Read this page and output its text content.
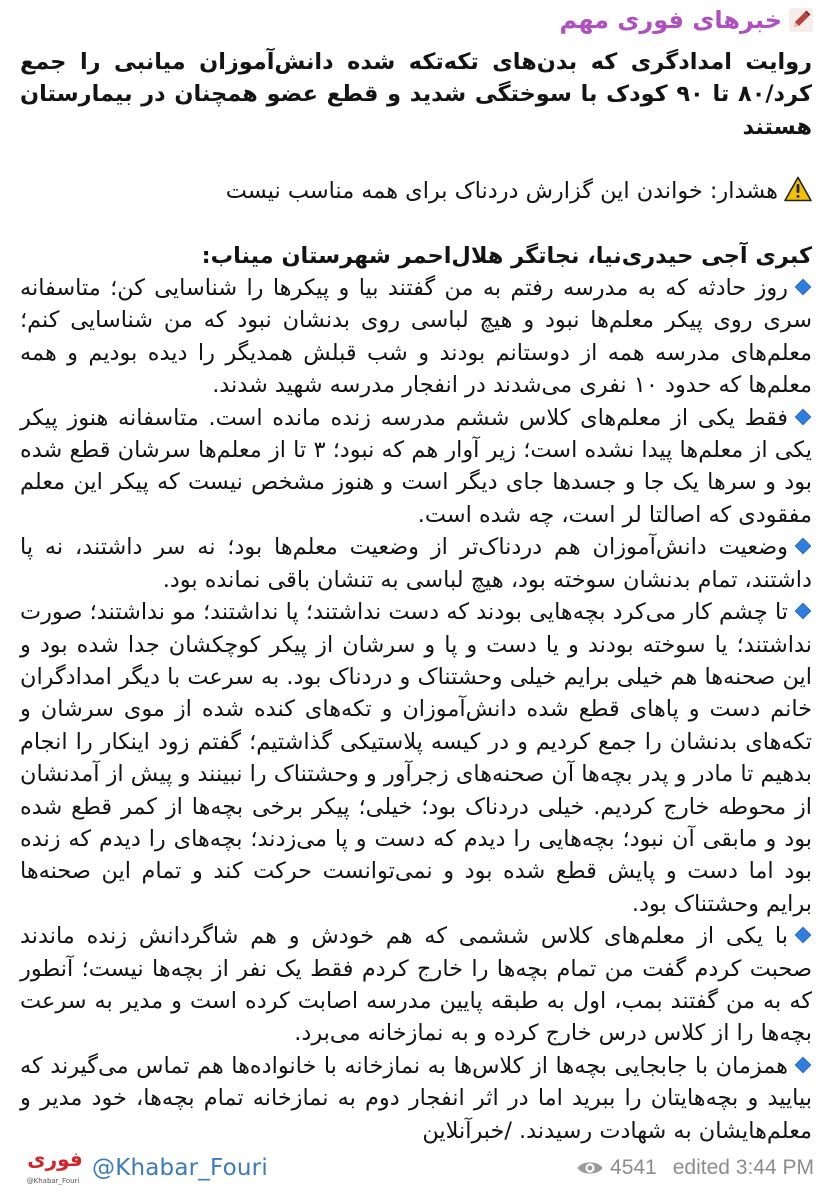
خبرهای فوری مهم

روایت امدادگری که بدن‌های تکه‌تکه شده دانش‌آموزان میانبی را جمع کرد/۸۰ تا ۹۰ کودک با سوختگی شدید و قطع عضو همچنان در بیمارستان هستند

هشدار: خواندن این گزارش دردناک برای همه مناسب نیست

کبری آجی حیدری‌نیا، نجاتگر هلال‌احمر شهرستان میناب:

روز حادثه که به مدرسه رفتم به من گفتند بیا و پیکرها را شناسایی کن؛ متاسفانه سری روی پیکر معلم‌ها نبود و هیچ لباسی روی بدنشان نبود که من شناسایی کنم؛ معلم‌های مدرسه همه از دوستانم بودند و شب قبلش همدیگر را دیده بودیم و همه معلم‌ها که حدود ۱۰ نفری می‌شدند در انفجار مدرسه شهید شدند.

فقط یکی از معلم‌های کلاس ششم مدرسه زنده مانده است. متاسفانه هنوز پیکر یکی از معلم‌ها پیدا نشده است؛ زیر آوار هم که نبود؛ ۳ تا از معلم‌ها سرشان قطع شده بود و سرها یک جا و جسدها جای دیگر است و هنوز مشخص نیست که پیکر این معلم مفقودی که اصالتا لر است، چه شده است.

وضعیت دانش‌آموزان هم دردناک‌تر از وضعیت معلم‌ها بود؛ نه سر داشتند، نه پا داشتند، تمام بدنشان سوخته بود، هیچ لباسی به تنشان باقی نمانده بود.

تا چشم کار می‌کرد بچه‌هایی بودند که دست نداشتند؛ پا نداشتند؛ مو نداشتند؛ صورت نداشتند؛ یا سوخته بودند و یا دست و پا و سرشان از پیکر کوچکشان جدا شده بود و این صحنه‌ها هم خیلی برایم خیلی وحشتناک و دردناک بود. به سرعت با دیگر امدادگران خانم دست و پاهای قطع شده دانش‌آموزان و تکه‌های کنده شده از موی سرشان و تکه‌های بدنشان را جمع کردیم و در کیسه پلاستیکی گذاشتیم؛ گفتم زود اینکار را انجام بدهیم تا مادر و پدر بچه‌ها آن صحنه‌های زجرآور و وحشتناک را نبینند و پیش از آمدنشان از محوطه خارج کردیم. خیلی دردناک بود؛ خیلی؛ پیکر برخی بچه‌ها از کمر قطع شده بود و مابقی آن نبود؛ بچه‌هایی را دیدم که دست و پا می‌زدند؛ بچه‌های را دیدم که زنده بود اما دست و پایش قطع شده بود و نمی‌توانست حرکت کند و تمام این صحنه‌ها برایم وحشتناک بود.

با یکی از معلم‌های کلاس ششمی که هم خودش و هم شاگردانش زنده ماندند صحبت کردم گفت من تمام بچه‌ها را خارج کردم فقط یک نفر از بچه‌ها نیست؛ آنطور که به من گفتند بمب، اول به طبقه پایین مدرسه اصابت کرده است و مدیر به سرعت بچه‌ها را از کلاس درس خارج کرده و به نمازخانه می‌برد.

همزمان با جابجایی بچه‌ها از کلاس‌ها به نمازخانه با خانواده‌ها هم تماس می‌گیرند که بیایید و بچه‌هایتان را ببرید اما در اثر انفجار دوم به نمازخانه تمام بچه‌ها، خود مدیر و معلم‌هایشان به شهادت رسیدند. /خبرآنلاین

فوری
@Khabar_Fouri @Khabar_Fouri	4541 edited 3:44 PM
